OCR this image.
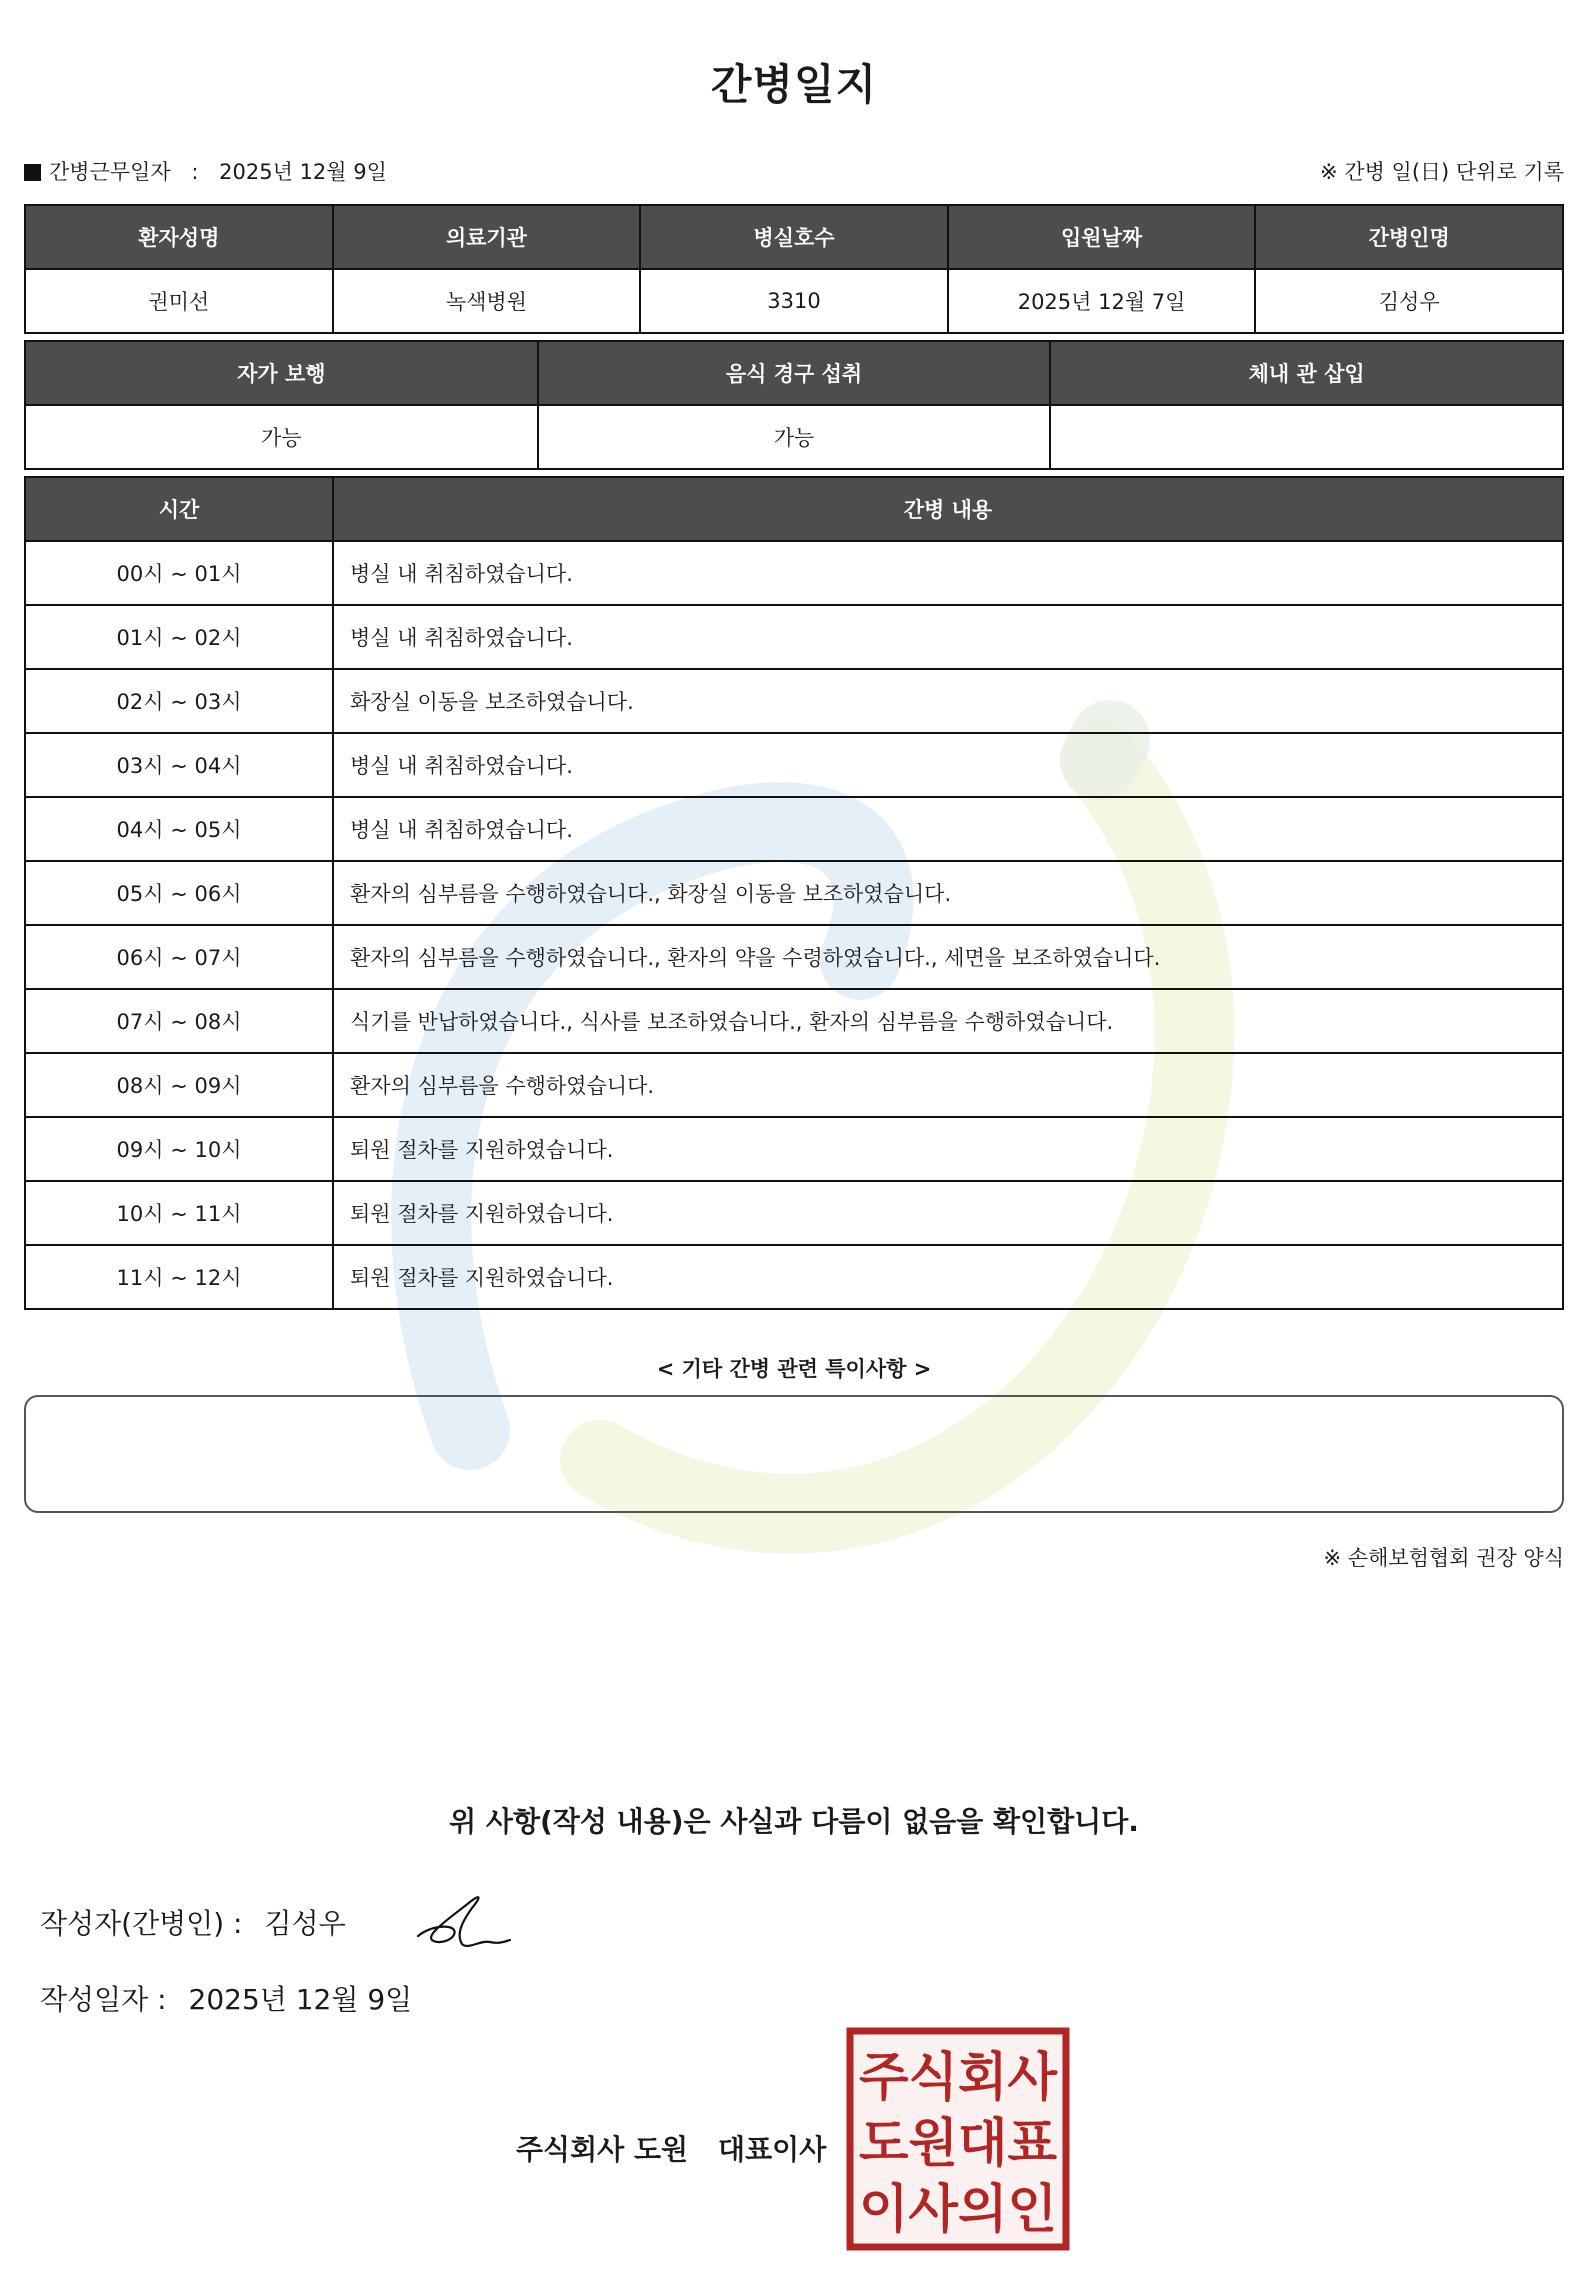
간병일지
간병근무일자 : 2025년 12월 9일	※ 간병 일(日) 단위로 기록
환자성명	의료기관	병실호수	입원날짜	간병인명
권미선	녹색병원	3310	2025년 12월 7일	김성우
자가 보행	음식 경구 섭취	체내 관 삽입
가능	가능	
시간	간병 내용
00시 ~ 01시	병실 내 취침하였습니다.
01시 ~ 02시	병실 내 취침하였습니다.
02시 ~ 03시	화장실 이동을 보조하였습니다.
03시 ~ 04시	병실 내 취침하였습니다.
04시 ~ 05시	병실 내 취침하였습니다.
05시 ~ 06시	환자의 심부름을 수행하였습니다., 화장실 이동을 보조하였습니다.
06시 ~ 07시	환자의 심부름을 수행하였습니다., 환자의 약을 수령하였습니다., 세면을 보조하였습니다.
07시 ~ 08시	식기를 반납하였습니다., 식사를 보조하였습니다., 환자의 심부름을 수행하였습니다.
08시 ~ 09시	환자의 심부름을 수행하였습니다.
09시 ~ 10시	퇴원 절차를 지원하였습니다.
10시 ~ 11시	퇴원 절차를 지원하였습니다.
11시 ~ 12시	퇴원 절차를 지원하였습니다.
< 기타 간병 관련 특이사항 >
※ 손해보험협회 권장 양식
위 사항(작성 내용)은 사실과 다름이 없음을 확인합니다.
작성자(간병인) : 김성우
작성일자 : 2025년 12월 9일
주식회사 도원 대표이사
주식회사
도원대표
이사의인
